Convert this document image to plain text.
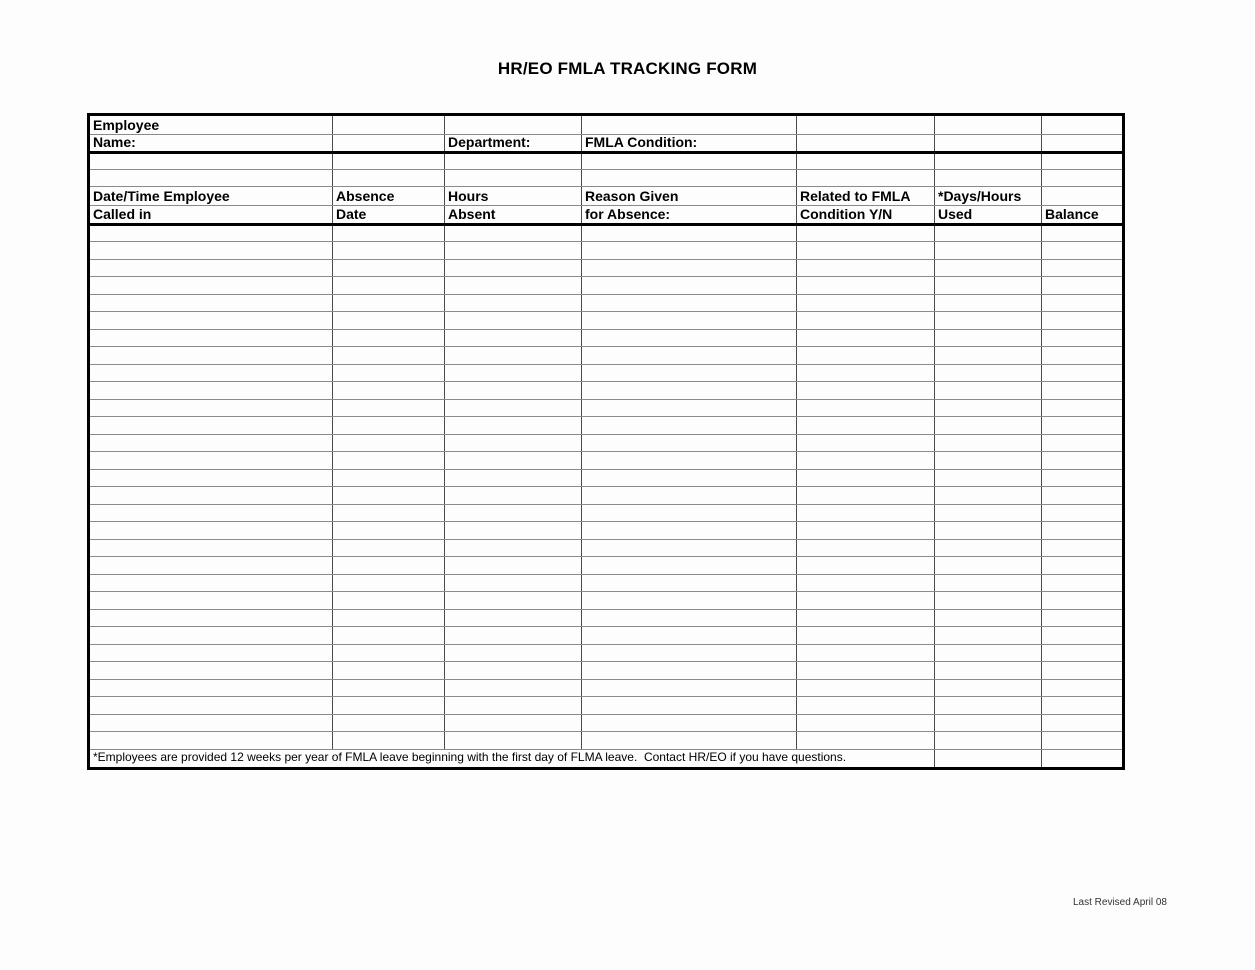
HR/EO FMLA TRACKING FORM
Employee						
Name:		Department:	FMLA Condition:			

Date/Time Employee	Absence	Hours	Reason Given	Related to FMLA	*Days/Hours	
Called in	Date	Absent	for Absence:	Condition Y/N	Used	Balance

*Employees are provided 12 weeks per year of FMLA leave beginning with the first day of FLMA leave.  Contact HR/EO if you have questions.						
Last Revised April 08
